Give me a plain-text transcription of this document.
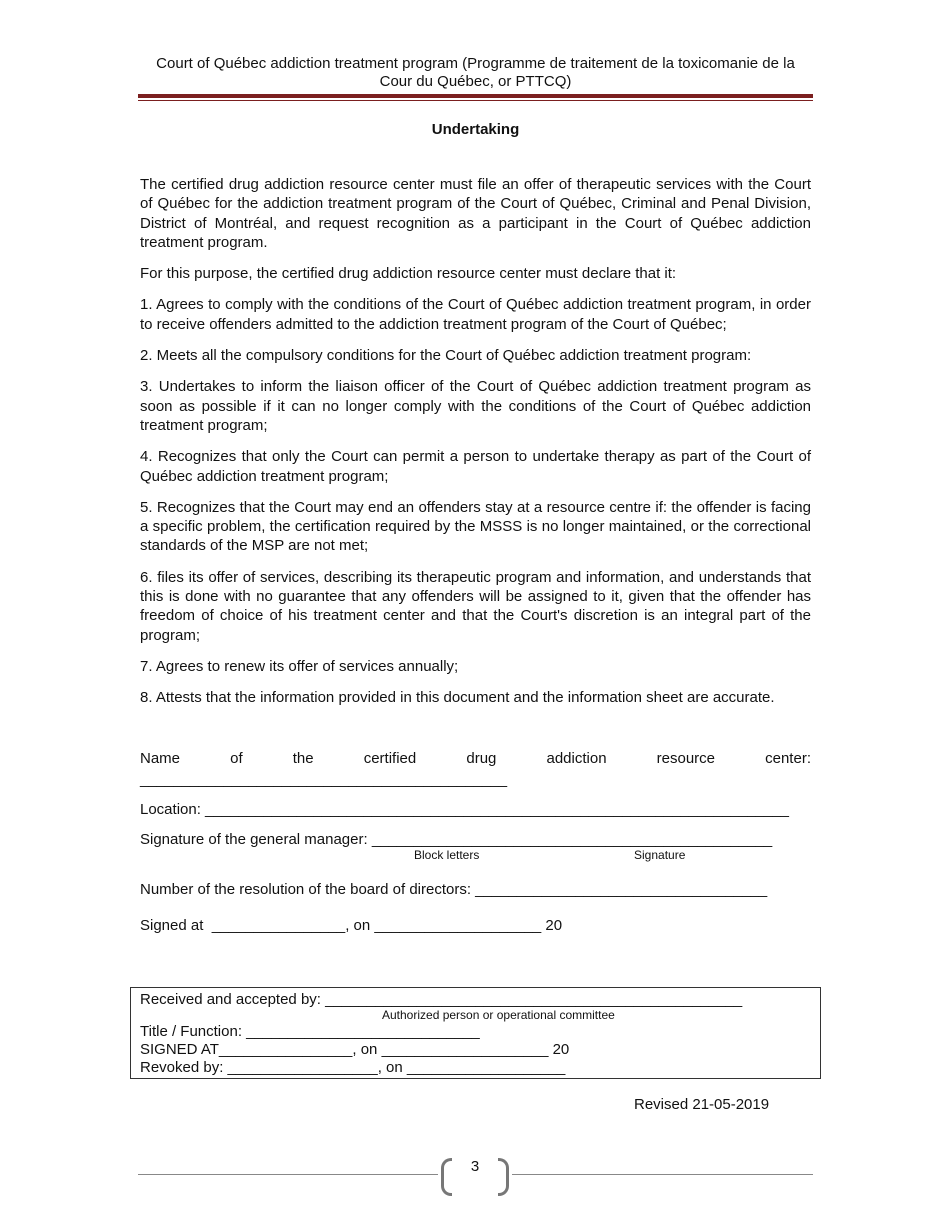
Court of Québec addiction treatment program (Programme de traitement de la toxicomanie de la
Cour du Québec, or PTTCQ)
Undertaking

The certified drug addiction resource center must file an offer of therapeutic services with the Court of Québec for the addiction treatment program of the Court of Québec, Criminal and Penal Division, District of Montréal, and request recognition as a participant in the Court of Québec addiction treatment program.

For this purpose, the certified drug addiction resource center must declare that it:

1. Agrees to comply with the conditions of the Court of Québec addiction treatment program, in order to receive offenders admitted to the addiction treatment program of the Court of Québec;

2. Meets all the compulsory conditions for the Court of Québec addiction treatment program:

3. Undertakes to inform the liaison officer of the Court of Québec addiction treatment program as soon as possible if it can no longer comply with the conditions of the Court of Québec addiction treatment program;

4. Recognizes that only the Court can permit a person to undertake therapy as part of the Court of Québec addiction treatment program;

5. Recognizes that the Court may end an offenders stay at a resource centre if: the offender is facing a specific problem, the certification required by the MSSS is no longer maintained, or the correctional standards of the MSP are not met;

6. files its offer of services, describing its therapeutic program and information, and understands that this is done with no guarantee that any offenders will be assigned to it, given that the offender has freedom of choice of his treatment center and that the Court's discretion is an integral part of the program;

7. Agrees to renew its offer of services annually;

8. Attests that the information provided in this document and the information sheet are accurate.

Name	of	the	certified	drug	addiction	resource	center:
____________________________________________
Location: ______________________________________________________________________
Signature of the general manager: ________________________________________________
Block letters	Signature
Number of the resolution of the board of directors: ___________________________________
Signed at  ________________, on ____________________ 20
Received and accepted by: __________________________________________________
Authorized person or operational committee
Title / Function: ____________________________
SIGNED AT________________, on ____________________ 20
Revoked by: __________________, on ___________________
Revised 21-05-2019
3
